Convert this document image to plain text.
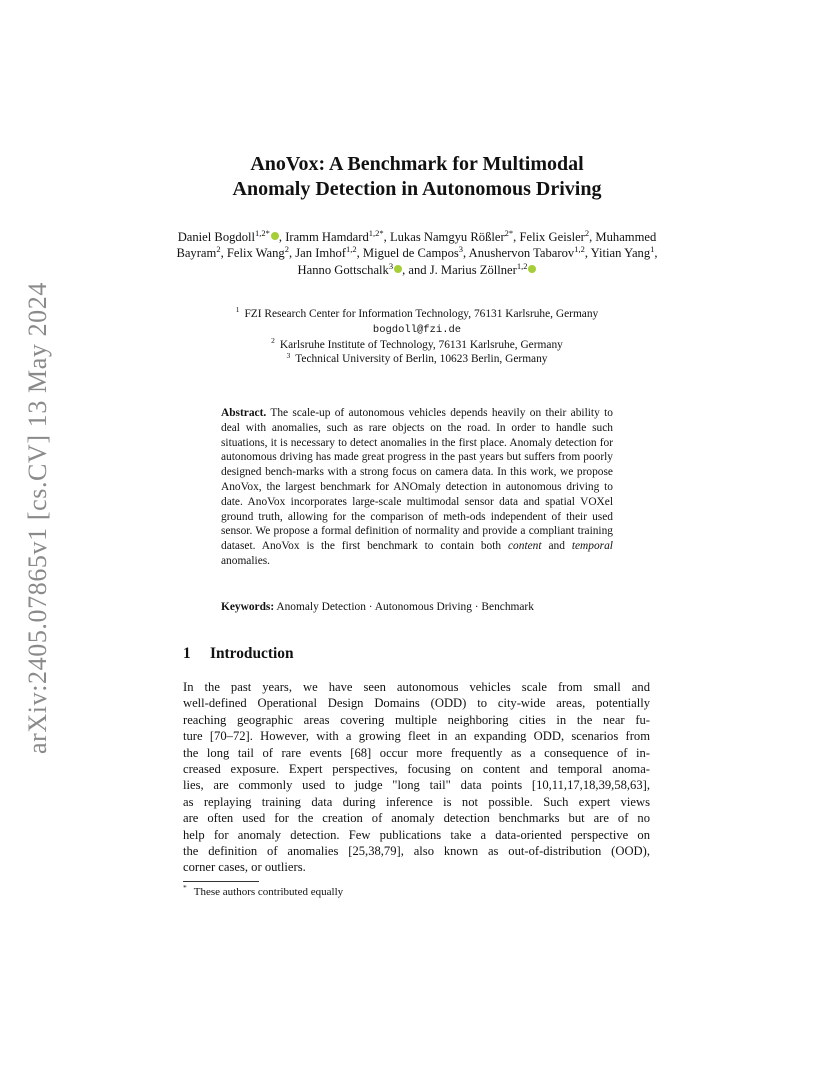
arXiv:2405.07865v1 [cs.CV] 13 May 2024
AnoVox: A Benchmark for Multimodal
Anomaly Detection in Autonomous Driving
Daniel Bogdoll$^{1,2*}$ , Iramm Hamdard$^{1,2*}$, Lukas Namgyu Rößler$^{2*}$, Felix Geisler$^2$, Muhammed Bayram$^2$, Felix Wang$^2$, Jan Imhof$^{1,2}$, Miguel de Campos$^3$, Anushervon Tabarov$^{1,2}$, Yitian Yang$^1$, Hanno Gottschalk$^3$ , and J. Marius Zöllner$^{1,2}$
$^1$ FZI Research Center for Information Technology, 76131 Karlsruhe, Germany
bogdoll@fzi.de
$^2$ Karlsruhe Institute of Technology, 76131 Karlsruhe, Germany
$^3$ Technical University of Berlin, 10623 Berlin, Germany
Abstract. The scale-up of autonomous vehicles depends heavily on their ability to deal with anomalies, such as rare objects on the road. In order to handle such situations, it is necessary to detect anomalies in the first place. Anomaly detection for autonomous driving has made great progress in the past years but suffers from poorly designed bench-marks with a strong focus on camera data. In this work, we propose AnoVox, the largest benchmark for ANOmaly detection in autonomous driving to date. AnoVox incorporates large-scale multimodal sensor data and spatial VOXel ground truth, allowing for the comparison of meth-ods independent of their used sensor. We propose a formal definition of normality and provide a compliant training dataset. AnoVox is the first benchmark to contain both content and temporal anomalies.
Keywords: Anomaly Detection · Autonomous Driving · Benchmark
1 Introduction
In the past years, we have seen autonomous vehicles scale from small and
well-defined Operational Design Domains (ODD) to city-wide areas, potentially
reaching geographic areas covering multiple neighboring cities in the near fu-
ture [70–72]. However, with a growing fleet in an expanding ODD, scenarios from
the long tail of rare events [68] occur more frequently as a consequence of in-
creased exposure. Expert perspectives, focusing on content and temporal anoma-
lies, are commonly used to judge "long tail" data points [10,11,17,18,39,58,63],
as replaying training data during inference is not possible. Such expert views
are often used for the creation of anomaly detection benchmarks but are of no
help for anomaly detection. Few publications take a data-oriented perspective on
the definition of anomalies [25,38,79], also known as out-of-distribution (OOD),
corner cases, or outliers.
* These authors contributed equally
